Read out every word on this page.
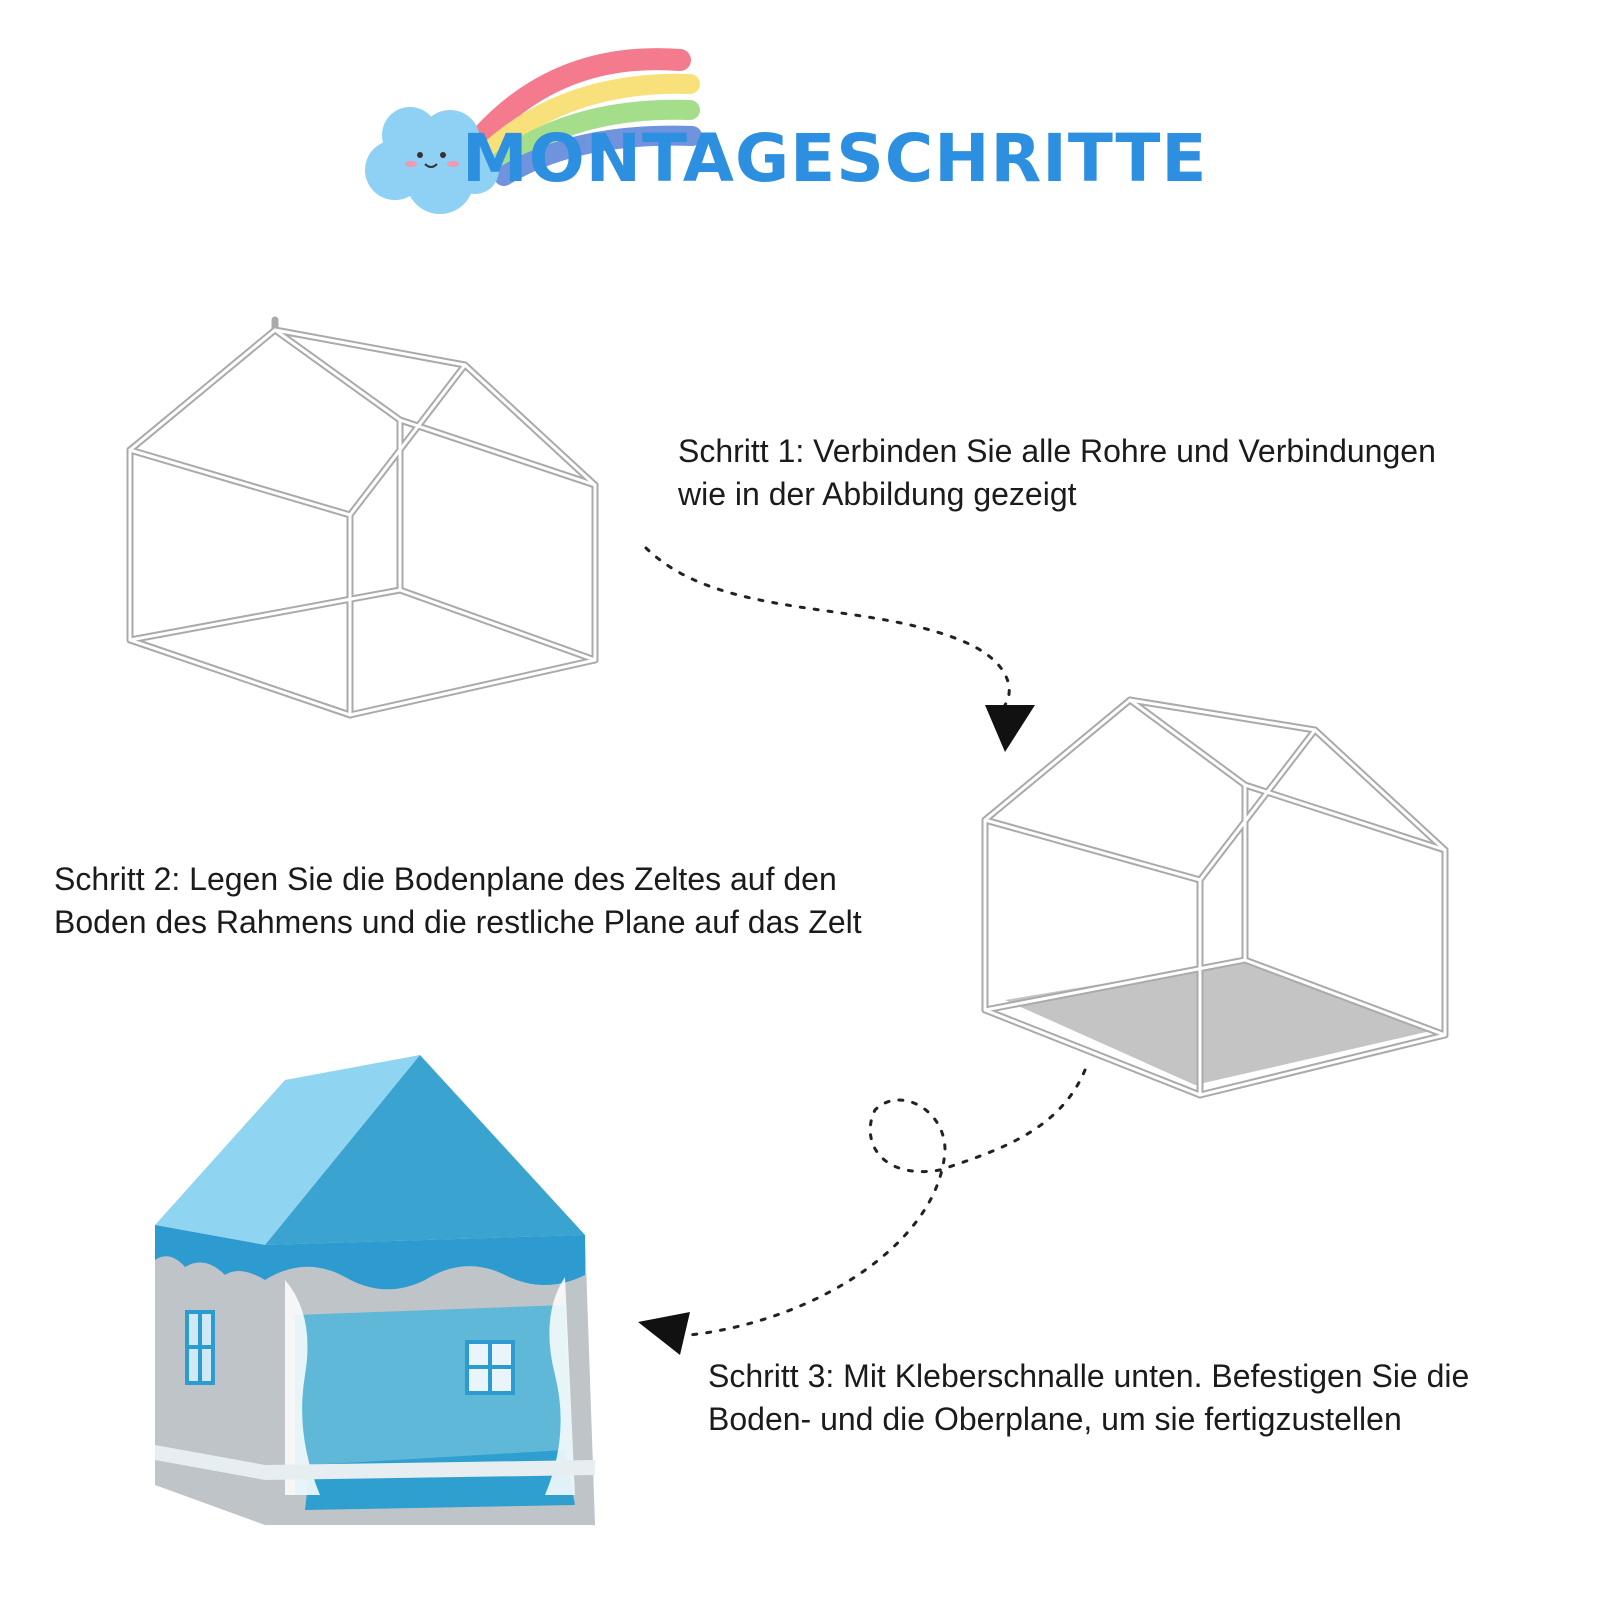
MONTAGESCHRITTE
Schritt 1: Verbinden Sie alle Rohre und Verbindungen
wie in der Abbildung gezeigt
Schritt 2: Legen Sie die Bodenplane des Zeltes auf den
Boden des Rahmens und die restliche Plane auf das Zelt
Schritt 3: Mit Kleberschnalle unten. Befestigen Sie die
Boden- und die Oberplane, um sie fertigzustellen
